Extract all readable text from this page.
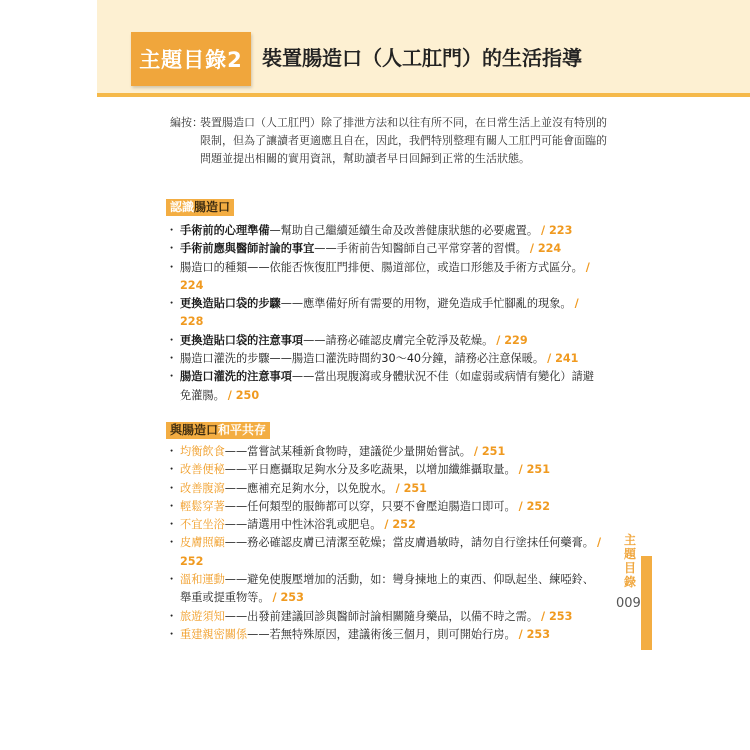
主題目錄2 裝置腸造口（人工肛門）的生活指導
編按：
裝置腸造口（人工肛門）除了排泄方法和以往有所不同，在日常生活上並沒有特別的限制，但為了讓讀者更適應且自在，因此，我們特別整理有關人工肛門可能會面臨的問題並提出相關的實用資訊，幫助讀者早日回歸到正常的生活狀態。
認識腸造口
・ 手術前的心理準備—幫助自己繼續延續生命及改善健康狀態的必要處置。 / 223
・ 手術前應與醫師討論的事宜——手術前告知醫師自己平常穿著的習慣。 / 224
・ 腸造口的種類——依能否恢復肛門排便、腸道部位，或造口形態及手術方式區分。 / 224
・ 更換造貼口袋的步驟——應準備好所有需要的用物，避免造成手忙腳亂的現象。 / 228
・ 更換造貼口袋的注意事項——請務必確認皮膚完全乾淨及乾燥。 / 229
・ 腸造口灌洗的步驟——腸造口灌洗時間約30～40分鐘，請務必注意保暖。 / 241
・ 腸造口灌洗的注意事項——當出現腹瀉或身體狀況不佳（如虛弱或病情有變化）請避免灌腸。 / 250
與腸造口和平共存
・ 均衡飲食——當嘗試某種新食物時，建議從少量開始嘗試。 / 251
・ 改善便秘——平日應攝取足夠水分及多吃蔬果，以增加纖維攝取量。 / 251
・ 改善腹瀉——應補充足夠水分，以免脫水。 / 251
・ 輕鬆穿著——任何類型的服飾都可以穿，只要不會壓迫腸造口即可。 / 252
・ 不宜坐浴——請選用中性沐浴乳或肥皂。 / 252
・ 皮膚照顧——務必確認皮膚已清潔至乾燥；當皮膚過敏時，請勿自行塗抹任何藥膏。 / 252
・ 溫和運動——避免使腹壓增加的活動，如：彎身揀地上的東西、仰臥起坐、練啞鈴、舉重或提重物等。 / 253
・ 旅遊須知——出發前建議回診與醫師討論相關隨身藥品，以備不時之需。 / 253
・ 重建親密關係——若無特殊原因，建議術後三個月，則可開始行房。 / 253
主題目錄
009
